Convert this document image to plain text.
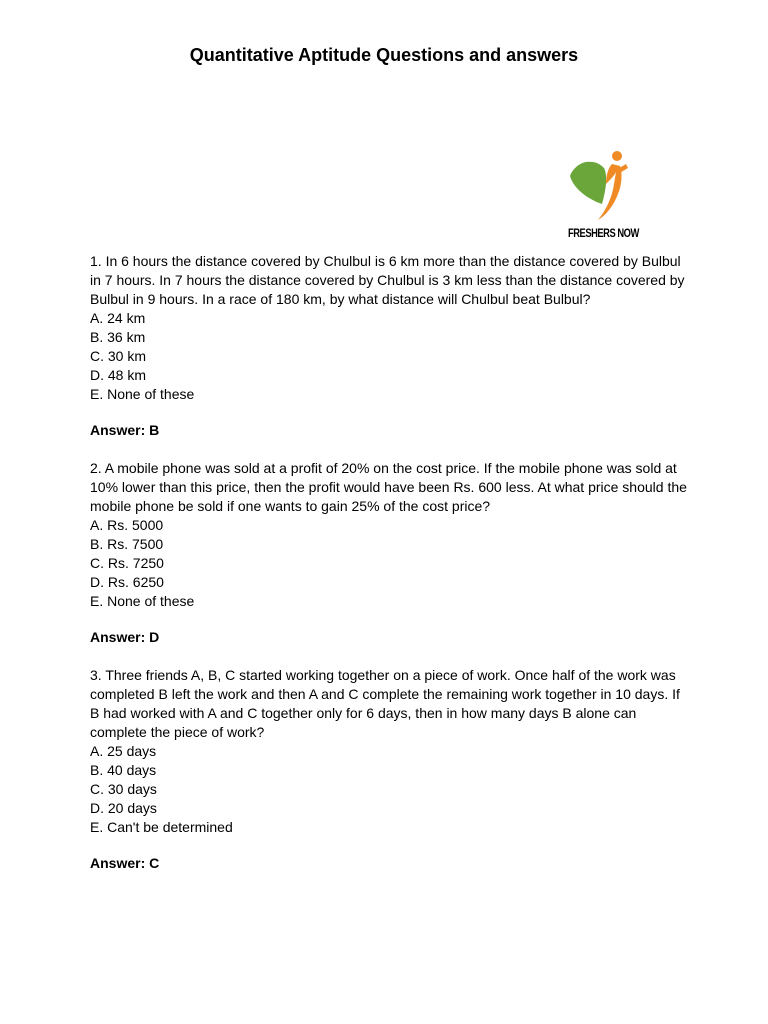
Quantitative Aptitude Questions and answers
FRESHERS NOW

1. In 6 hours the distance covered by Chulbul is 6 km more than the distance covered by Bulbul in 7 hours. In 7 hours the distance covered by Chulbul is 3 km less than the distance covered by Bulbul in 9 hours. In a race of 180 km, by what distance will Chulbul beat Bulbul?

A. 24 km
B. 36 km
C. 30 km
D. 48 km
E. None of these
Answer: B

2. A mobile phone was sold at a profit of 20% on the cost price. If the mobile phone was sold at 10% lower than this price, then the profit would have been Rs. 600 less. At what price should the mobile phone be sold if one wants to gain 25% of the cost price?

A. Rs. 5000
B. Rs. 7500
C. Rs. 7250
D. Rs. 6250
E. None of these
Answer: D

3. Three friends A, B, C started working together on a piece of work. Once half of the work was completed B left the work and then A and C complete the remaining work together in 10 days. If B had worked with A and C together only for 6 days, then in how many days B alone can complete the piece of work?

A. 25 days
B. 40 days
C. 30 days
D. 20 days
E. Can't be determined
Answer: C
